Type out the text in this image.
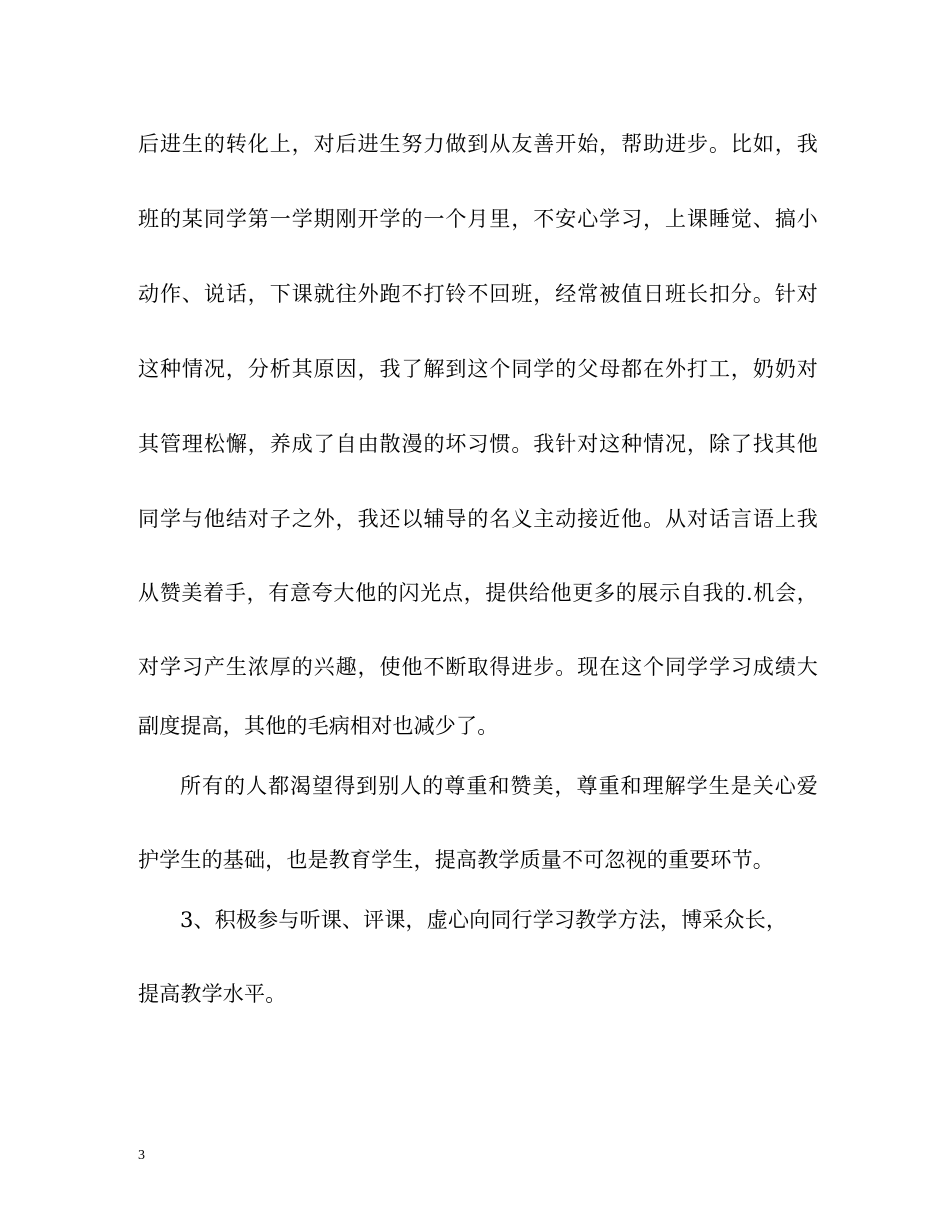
后进生的转化上，对后进生努力做到从友善开始，帮助进步。比如，我
班的某同学第一学期刚开学的一个月里，不安心学习，上课睡觉、搞小
动作、说话，下课就往外跑不打铃不回班，经常被值日班长扣分。针对
这种情况，分析其原因，我了解到这个同学的父母都在外打工，奶奶对
其管理松懈，养成了自由散漫的坏习惯。我针对这种情况，除了找其他
同学与他结对子之外，我还以辅导的名义主动接近他。从对话言语上我
从赞美着手，有意夸大他的闪光点，提供给他更多的展示自我的.机会，
对学习产生浓厚的兴趣，使他不断取得进步。现在这个同学学习成绩大
副度提高，其他的毛病相对也减少了。
所有的人都渴望得到别人的尊重和赞美，尊重和理解学生是关心爱
护学生的基础，也是教育学生，提高教学质量不可忽视的重要环节。
3、积极参与听课、评课，虚心向同行学习教学方法，博采众长，
提高教学水平。
3
